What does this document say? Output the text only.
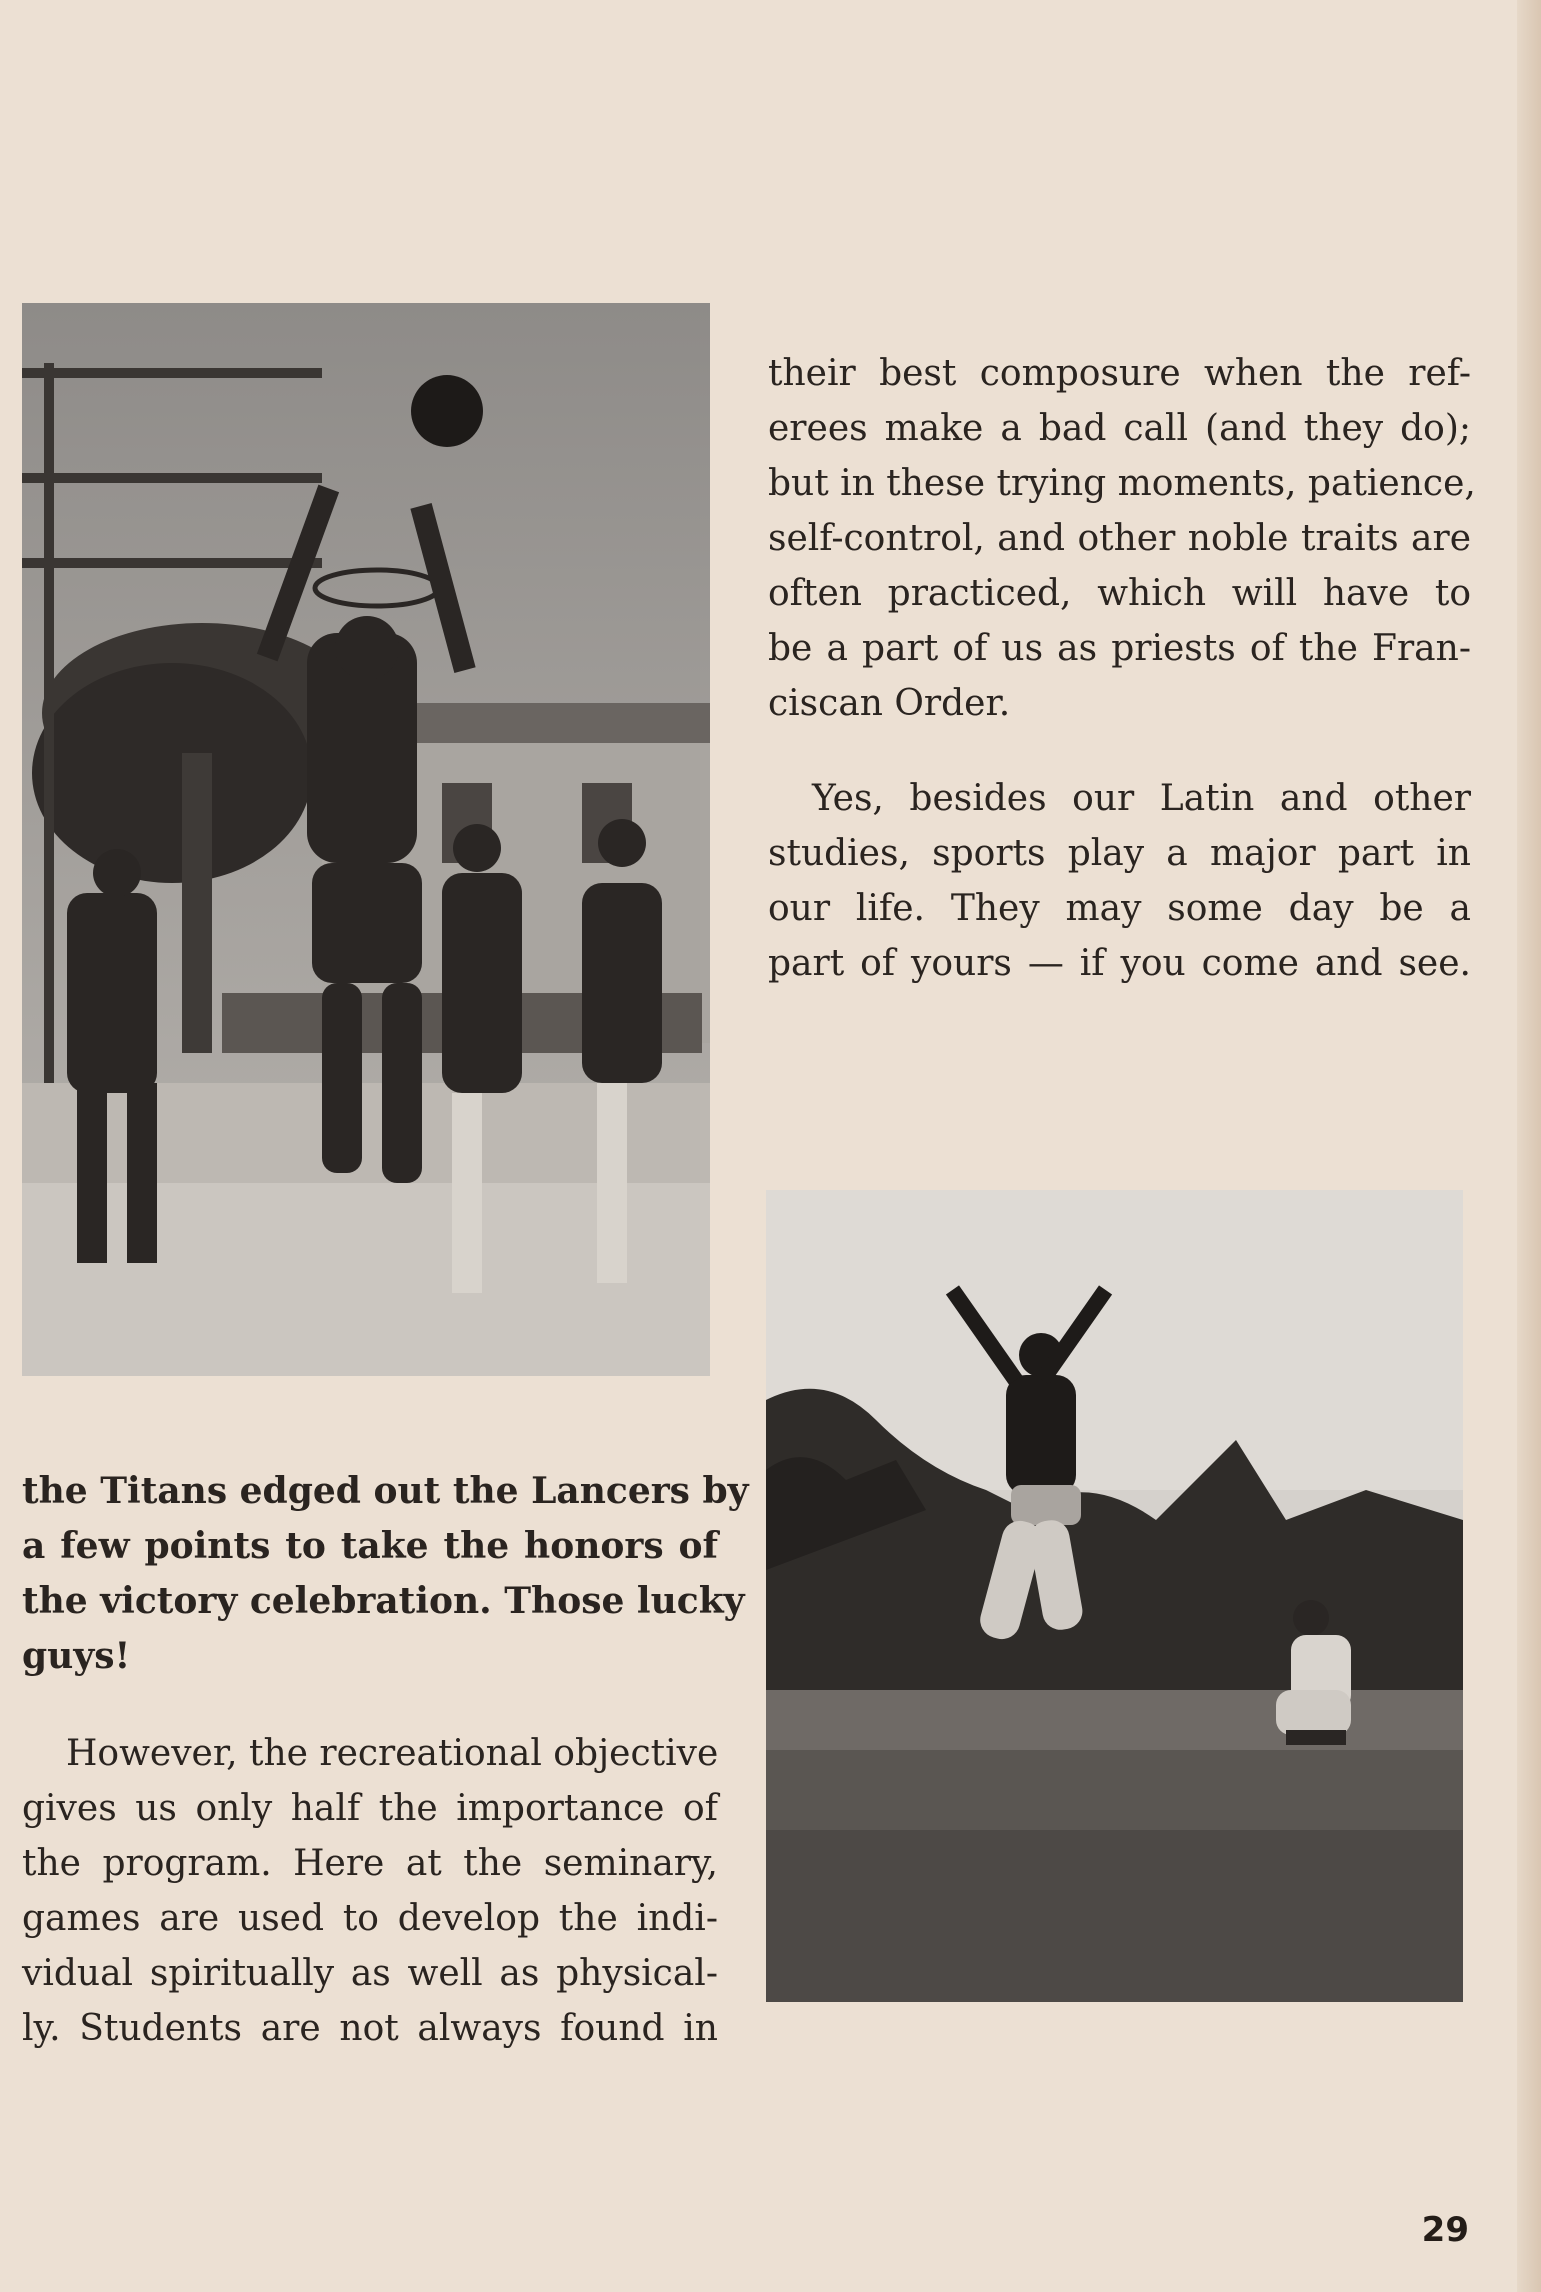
their best composure when the ref-
erees make a bad call (and they do);
but in these trying moments, patience,
self-control, and other noble traits are
often practiced, which will have to
be a part of us as priests of the Fran-
ciscan Order.
Yes, besides our Latin and other
studies, sports play a major part in
our life. They may some day be a
part of yours — if you come and see.
the Titans edged out the Lancers by
a few points to take the honors of
the victory celebration. Those lucky
guys!
However, the recreational objective
gives us only half the importance of
the program. Here at the seminary,
games are used to develop the indi-
vidual spiritually as well as physical-
ly. Students are not always found in
29
